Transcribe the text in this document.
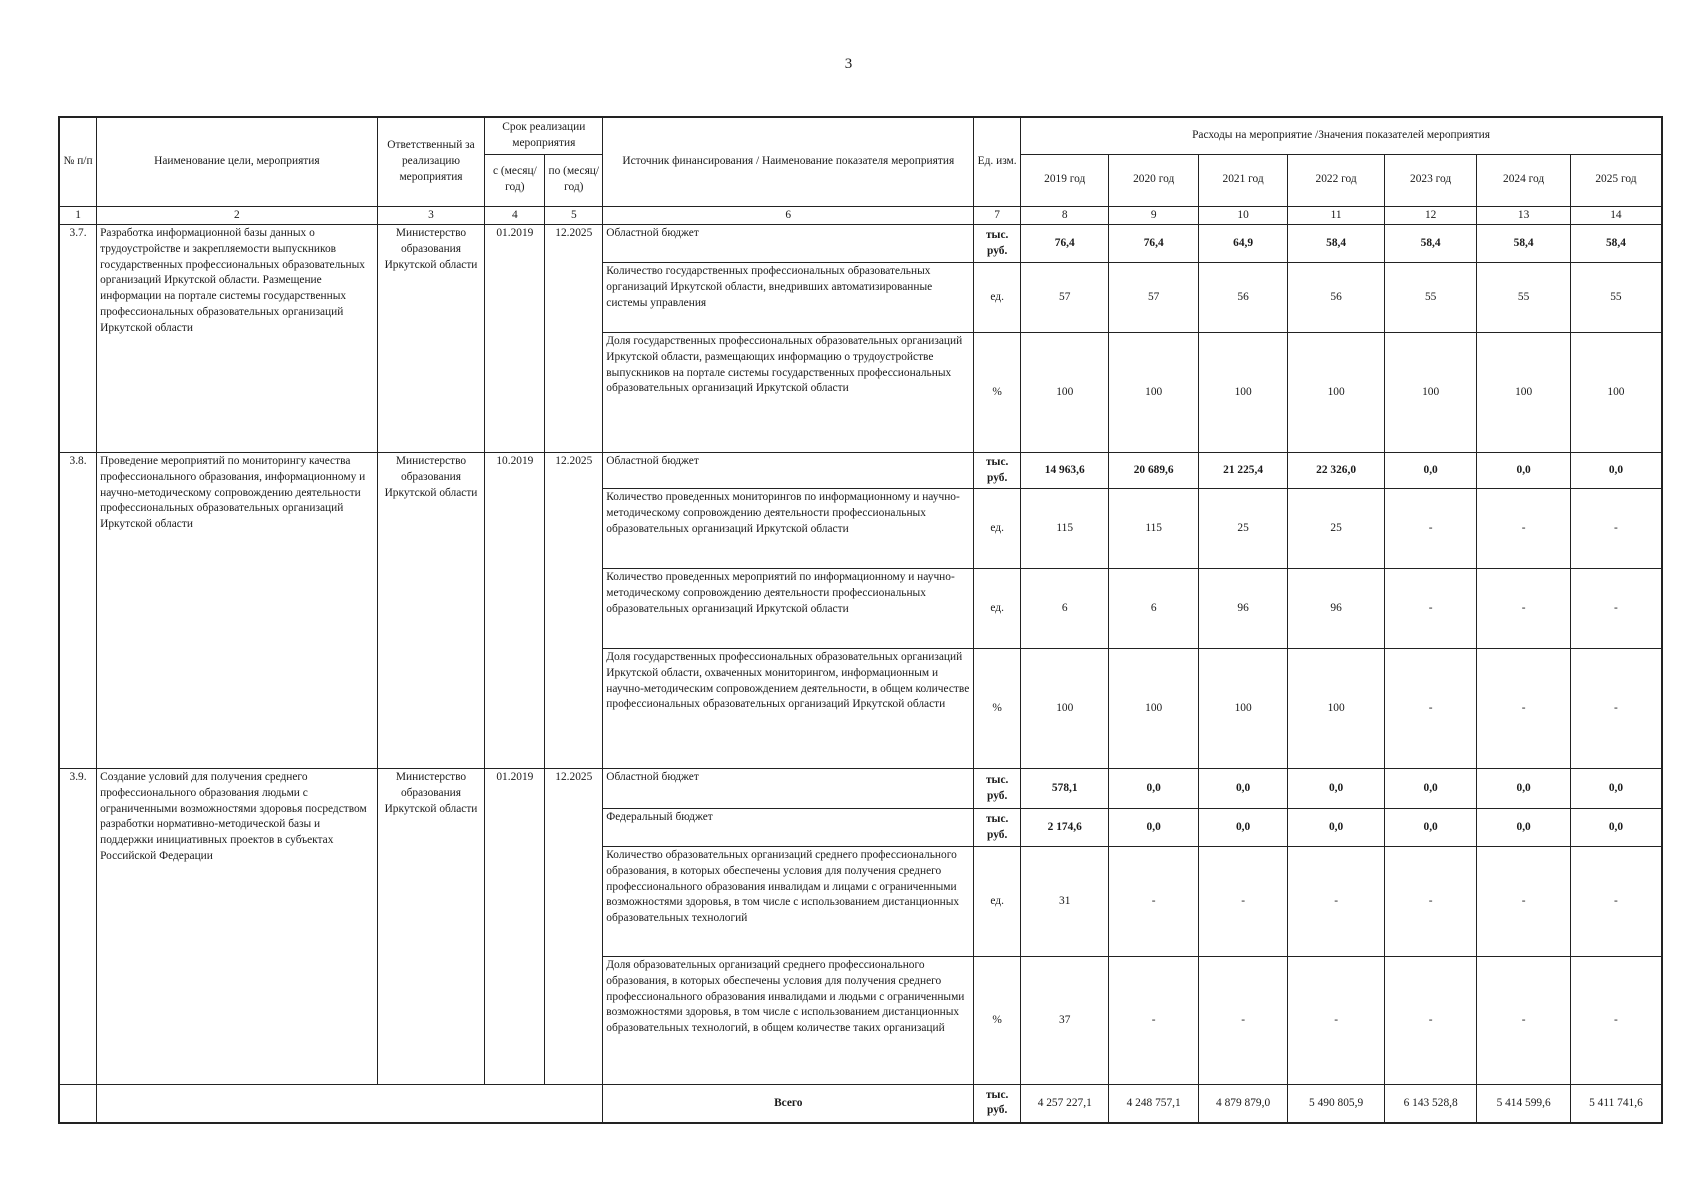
3
№ п/п	Наименование цели, мероприятия	Ответственный за реализацию мероприятия	Срок реализации мероприятия		Источник финансирования / Наименование показателя мероприятия	Ед. изм.	Расходы на мероприятие /Значения показателей мероприятия						
			с (месяц/ год)	по (месяц/ год)			2019 год	2020 год	2021 год	2022 год	2023 год	2024 год	2025 год
1	2	3	4	5	6	7	8	9	10	11	12	13	14
3.7.	Разработка информационной базы данных о трудоустройстве и закрепляемости выпускников государственных профессиональных образовательных организаций Иркутской области. Размещение информации на портале системы государственных профессиональных образовательных организаций Иркутской области	Министерство образования Иркутской области	01.2019	12.2025	Областной бюджет	тыс. руб.	76,4	76,4	64,9	58,4	58,4	58,4	58,4
					Количество государственных профессиональных образовательных организаций Иркутской области, внедривших автоматизированные системы управления	ед.	57	57	56	56	55	55	55
					Доля государственных профессиональных образовательных организаций Иркутской области, размещающих информацию о трудоустройстве выпускников на портале системы государственных профессиональных образовательных организаций Иркутской области	%	100	100	100	100	100	100	100
3.8.	Проведение мероприятий по мониторингу качества профессионального образования, информационному и научно-методическому сопровождению деятельности профессиональных образовательных организаций Иркутской области	Министерство образования Иркутской области	10.2019	12.2025	Областной бюджет	тыс. руб.	14 963,6	20 689,6	21 225,4	22 326,0	0,0	0,0	0,0
					Количество проведенных мониторингов по информационному и научно-методическому сопровождению деятельности профессиональных образовательных организаций Иркутской области	ед.	115	115	25	25	-	-	-
					Количество проведенных мероприятий по информационному и научно-методическому сопровождению деятельности профессиональных образовательных организаций Иркутской области	ед.	6	6	96	96	-	-	-
					Доля государственных профессиональных образовательных организаций Иркутской области, охваченных мониторингом, информационным и научно-методическим сопровождением деятельности, в общем количестве профессиональных образовательных организаций Иркутской области	%	100	100	100	100	-	-	-
3.9.	Создание условий для получения среднего профессионального образования людьми с ограниченными возможностями здоровья посредством разработки нормативно-методической базы и поддержки инициативных проектов в субъектах Российской Федерации	Министерство образования Иркутской области	01.2019	12.2025	Областной бюджет	тыс. руб.	578,1	0,0	0,0	0,0	0,0	0,0	0,0
					Федеральный бюджет	тыс. руб.	2 174,6	0,0	0,0	0,0	0,0	0,0	0,0
					Количество образовательных организаций среднего профессионального образования, в которых обеспечены условия для получения среднего профессионального образования инвалидам и лицами с ограниченными возможностями здоровья, в том числе с использованием дистанционных образовательных технологий	ед.	31	-	-	-	-	-	-
					Доля образовательных организаций среднего профессионального образования, в которых обеспечены условия для получения среднего профессионального образования инвалидами и людьми с ограниченными возможностями здоровья, в том числе с использованием дистанционных образовательных технологий, в общем количестве таких организаций	%	37	-	-	-	-	-	-
					Всего	тыс. руб.	4 257 227,1	4 248 757,1	4 879 879,0	5 490 805,9	6 143 528,8	5 414 599,6	5 411 741,6
